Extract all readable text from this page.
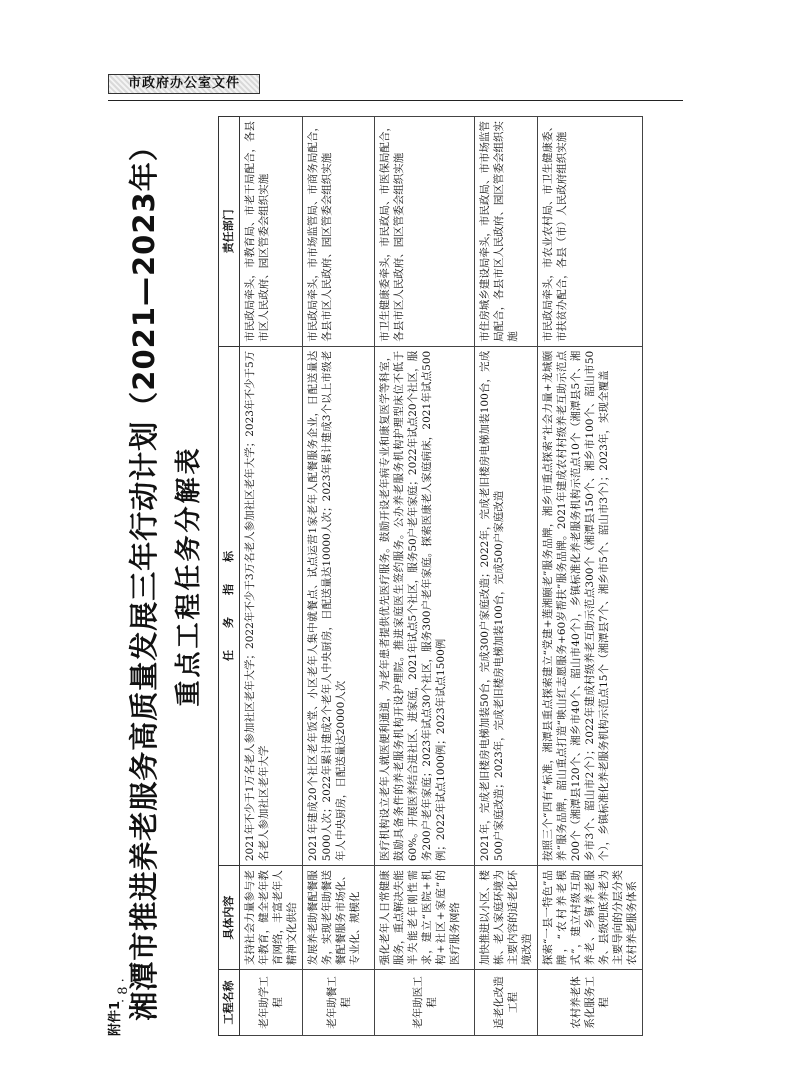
市政府办公室文件
· 8 ·
附件1 湘潭市推进养老服务高质量发展三年行动计划（2021—2023年） 重点工程任务分解表
工程名称	具体内容	任　　务　　指　　标	责任部门
老年助学工程	支持社会力量参与老年教育，健全老年教育网络，丰富老年人精神文化供给	2021年不少于1万名老人参加社区老年大学；2022年不少于3万名老人参加社区老年大学；2023年不少于5万名老人参加社区老年大学	市民政局牵头，市教育局、市老干局配合，各县市区人民政府、园区管委会组织实施
老年助餐工程	发展养老助餐配餐服务，实现老年助餐送餐配餐服务市场化、专业化、规模化	2021年建成20个社区老年饭堂、小区老年人集中就餐点、试点运营1家老年人配餐服务企业，日配送量达5000人次；2022年累计建成2个老年人中央厨房，日配送量达10000人次；2023年累计建成3个以上市级老年人中央厨房，日配送量达20000人次	市民政局牵头，市市场监管局、市商务局配合，各县市区人民政府、园区管委会组织实施
老年助医工程	强化老年人日常健康服务，重点解决失能半失能老年刚性需求，建立“医院+机构+社区+家庭”的医疗服务网络	医疗机构设立老年人就医便利通道，为老年患者提供优先医疗服务。鼓励开设老年病专业和康复医学等科室，鼓励具备条件的养老服务机构开设护理院。推进家庭医生签约服务。公办养老服务机构护理型床位不低于60%。开展医养结合进社区、进家庭，2021年试点5个社区，服务50户老年家庭；2022年试点20个社区，服务200户老年家庭；2023年试点30个社区，服务300户老年家庭。探索医康老人家庭病床，2021年试点500例；2022年试点1000例；2023年试点1500例	市卫生健康委牵头，市民政局、市医保局配合，各县市区人民政府、园区管委会组织实施
适老化改造工程	加快推进以小区、楼栋、老人家庭环境为主要内容的适老化环境改造	2021年，完成老旧楼房电梯加装50台，完成300户家庭改造；2022年，完成老旧楼房电梯加装100台，完成500户家庭改造；2023年，完成老旧楼房电梯加装100台，完成500户家庭改造	市住房城乡建设局牵头，市民政局、市市场监管局配合，各县市区人民政府、园区管委会组织实施
农村养老体系化服务工程	探索“一县一特色”品牌，“农村养老模式”，建立村级互助养老、乡镇养老服务、县级兜底养老为主要导向的分层分类农村养老服务体系	按照三个“四有”标准，湘潭县重点探索建立“党建+莲湘颐老”服务品牌，湘乡市重点探索“社会力量+龙城颐养”服务品牌，韶山重点打造“映山红志愿服务+60岁帮扶”服务品牌。2021年建成农村村级养老互助示范点200个（湘潭县120个、湘乡市40个、韶山市40个），乡镇标准化养老服务机构示范点10个（湘潭县5个、湘乡市3个、韶山市2个）；2022年建成村级养老互助示范点300个（湘潭县150个、湘乡市100个、韶山市50个），乡镇标准化养老服务机构示范点15个（湘潭县7个、湘乡市5个、韶山市3个）；2023年，实现全覆盖	市民政局牵头，市农业农村局、市卫生健康委、市扶贫办配合，各县（市）人民政府组织实施
